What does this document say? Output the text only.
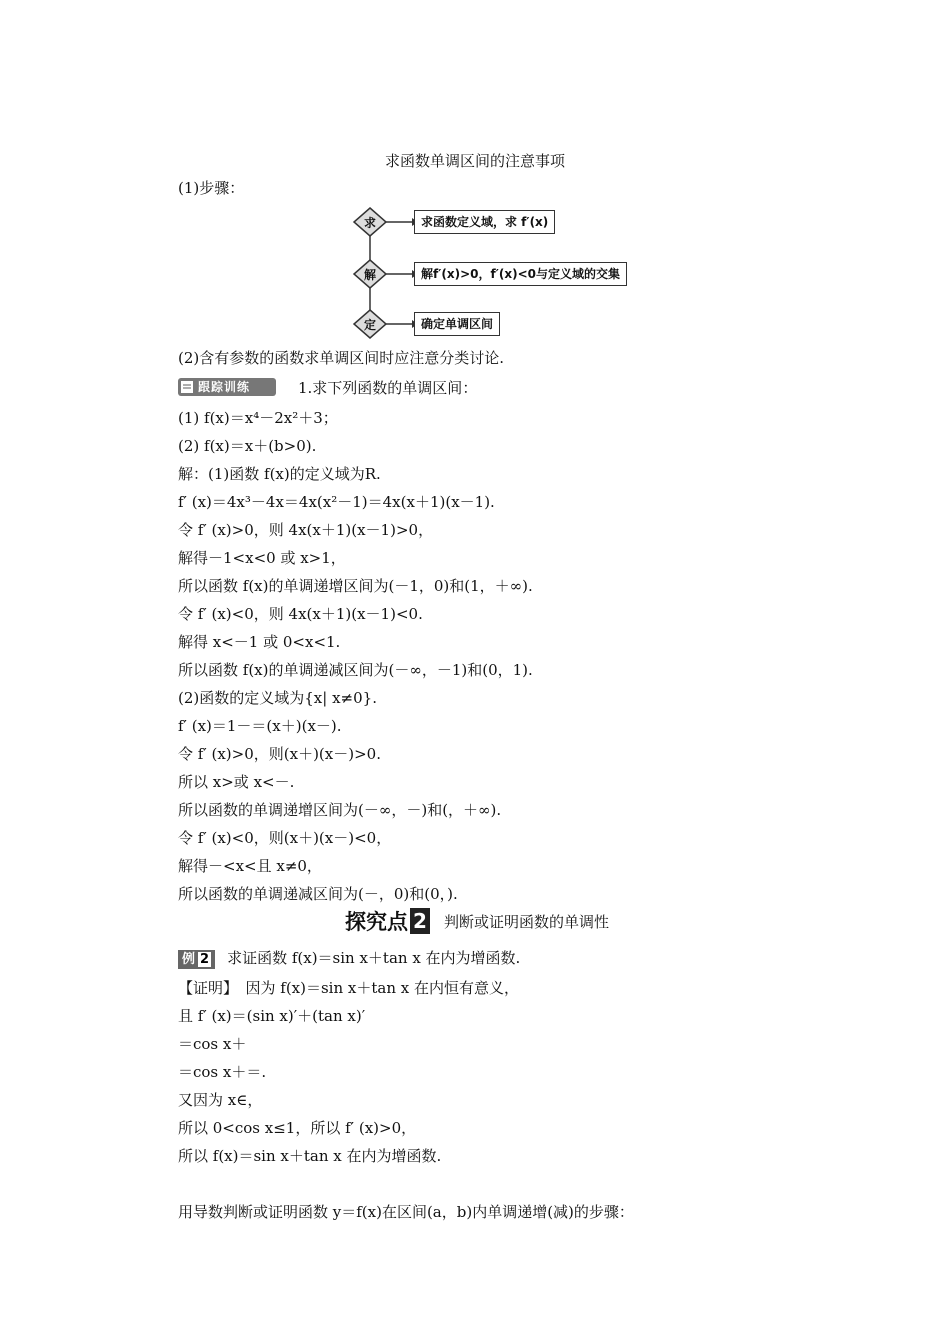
求函数单调区间的注意事项
(1)步骤：
求
解
定
求函数定义域，求 f′(x)
解f′(x)>0，f′(x)<0与定义域的交集
确定单调区间
(2)含有参数的函数求单调区间时应注意分类讨论.
跟踪训练	1.求下列函数的单调区间：
(1) f(x)＝x⁴－2x²＋3；
(2) f(x)＝x＋(b>0).
解：(1)函数 f(x)的定义域为R.
f′ (x)＝4x³－4x＝4x(x²－1)＝4x(x＋1)(x－1).
令 f′ (x)>0，则 4x(x＋1)(x－1)>0，
解得－1<x<0 或 x>1，
所以函数 f(x)的单调递增区间为(－1，0)和(1，＋∞).
令 f′ (x)<0，则 4x(x＋1)(x－1)<0.
解得 x<－1 或 0<x<1.
所以函数 f(x)的单调递减区间为(－∞，－1)和(0，1).
(2)函数的定义域为{x| x≠0}.
f′ (x)＝1－＝(x＋)(x－).
令 f′ (x)>0，则(x＋)(x－)>0.
所以 x>或 x<－.
所以函数的单调递增区间为(－∞，－)和(，＋∞).
令 f′ (x)<0，则(x＋)(x－)<0，
解得－<x<且 x≠0，
所以函数的单调递减区间为(－，0)和(0，).
探究点 2 判断或证明函数的单调性
例 2 求证函数 f(x)＝sin x＋tan x 在内为增函数.
【证明】　因为 f(x)＝sin x＋tan x 在内恒有意义，
且 f′ (x)＝(sin x)′＋(tan x)′
＝cos x＋
＝cos x＋＝.
又因为 x∈，
所以 0<cos x≤1，所以 f′ (x)>0，
所以 f(x)＝sin x＋tan x 在内为增函数.
用导数判断或证明函数 y＝f(x)在区间(a，b)内单调递增(减)的步骤：
